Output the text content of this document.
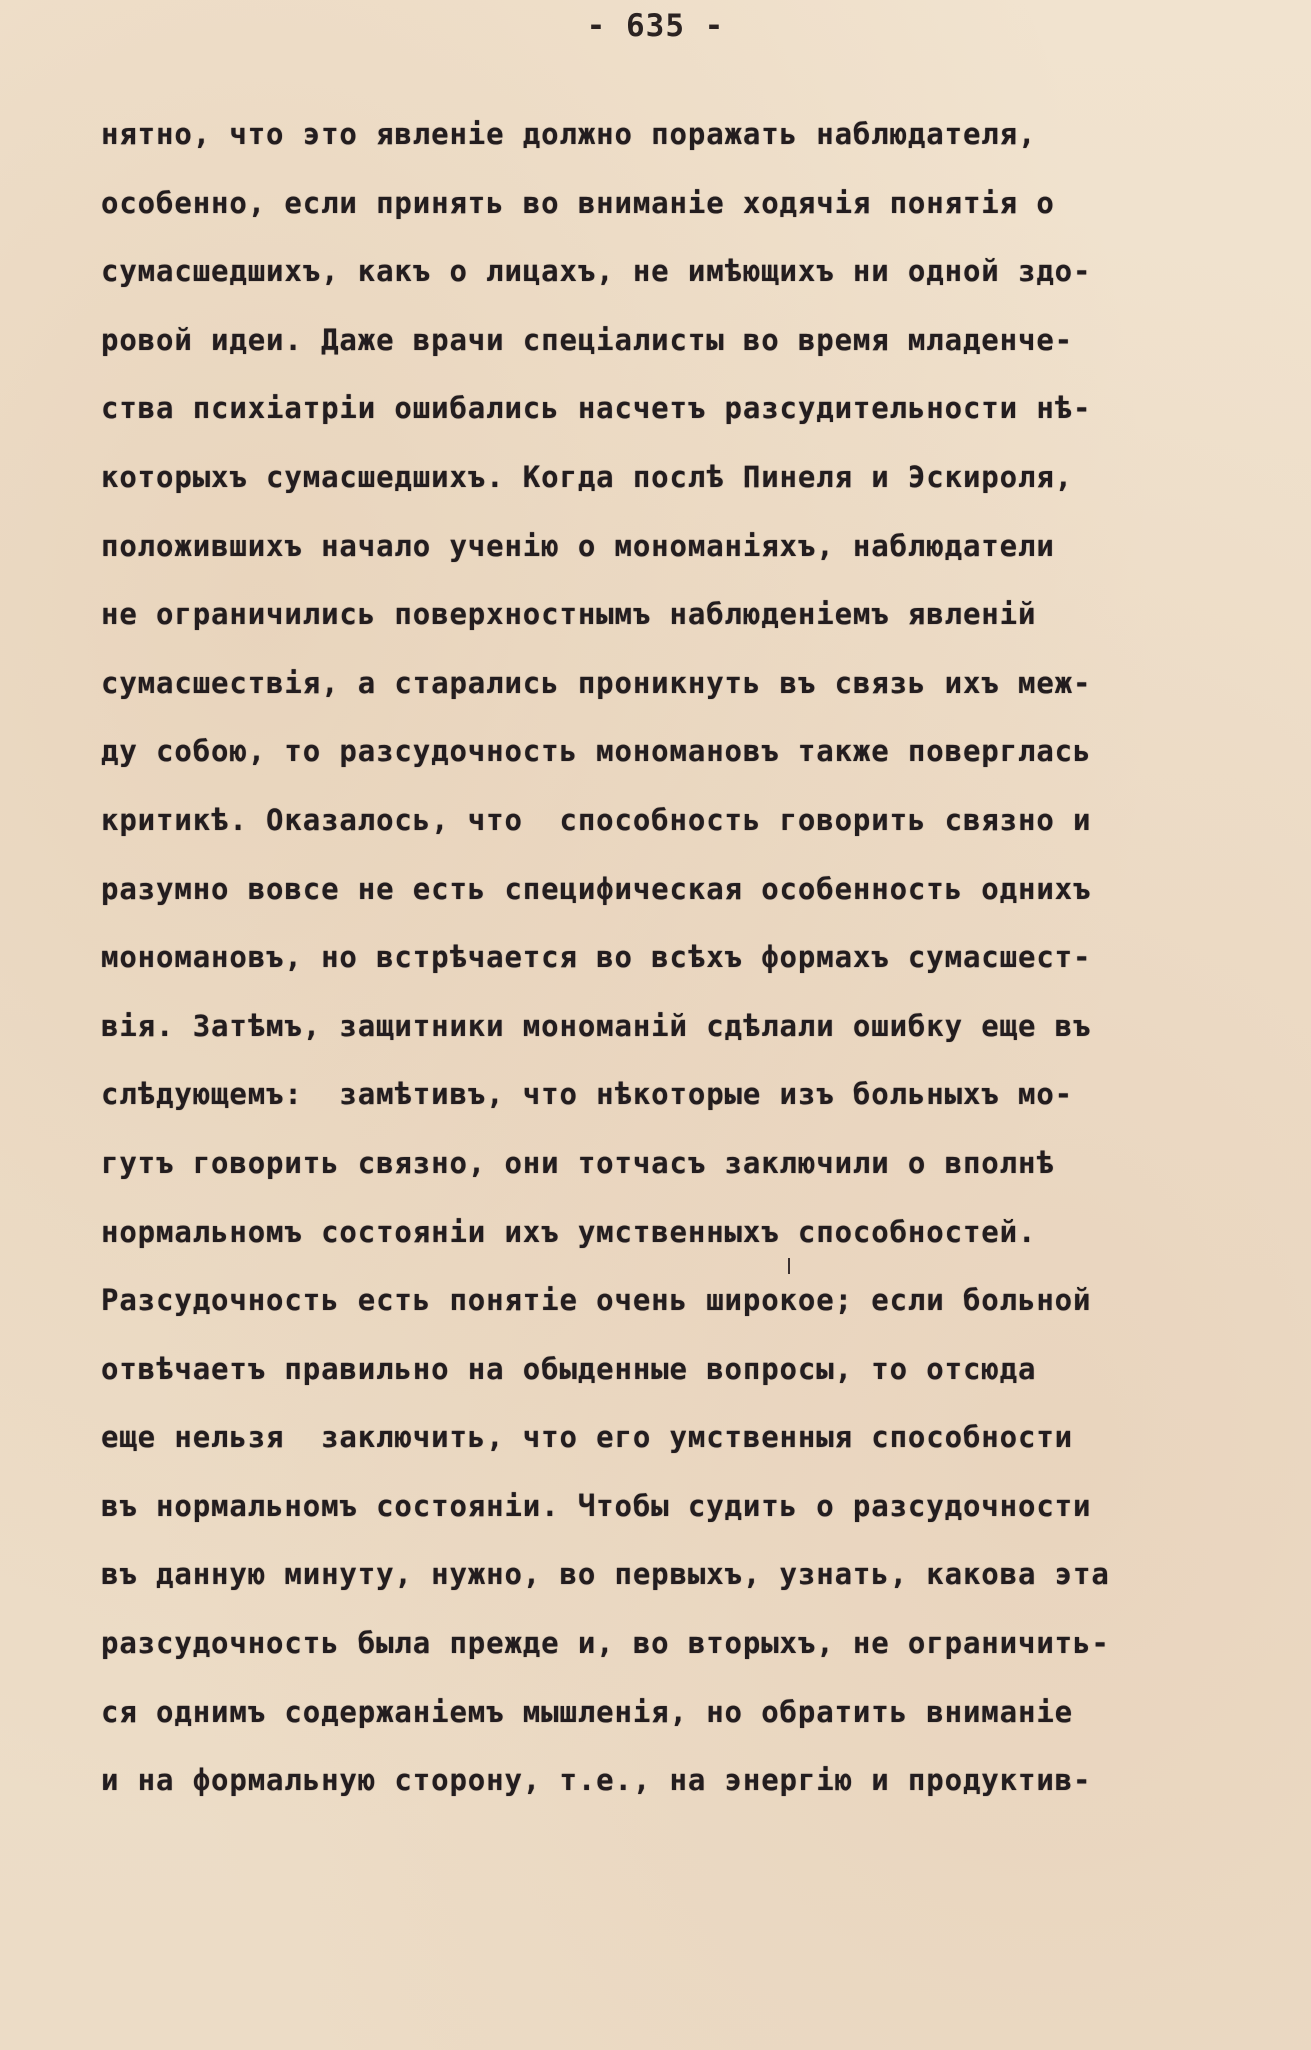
- 635 -
нятно, что это явленіе должно поражать наблюдателя,
особенно, если принять во вниманіе ходячія понятія о
сумасшедшихъ, какъ о лицахъ, не имѣющихъ ни одной здо-
ровой идеи. Даже врачи спеціалисты во время младенче-
ства психіатріи ошибались насчетъ разсудительности нѣ-
которыхъ сумасшедшихъ. Когда послѣ Пинеля и Эскироля,
положившихъ начало ученію о мономаніяхъ, наблюдатели
не ограничились поверхностнымъ наблюденіемъ явленій
сумасшествія, а старались проникнуть въ связь ихъ меж-
ду собою, то разсудочность мономановъ также поверглась
критикѣ. Оказалось, что  способность говорить связно и
разумно вовсе не есть специфическая особенность однихъ
мономановъ, но встрѣчается во всѣхъ формахъ сумасшест-
вія. Затѣмъ, защитники мономаній сдѣлали ошибку еще въ
слѣдующемъ:  замѣтивъ, что нѣкоторые изъ больныхъ мо-
гутъ говорить связно, они тотчасъ заключили о вполнѣ
нормальномъ состояніи ихъ умственныхъ способностей.
Разсудочность есть понятіе очень широкое; если больной
отвѣчаетъ правильно на обыденные вопросы, то отсюда
еще нельзя  заключить, что его умственныя способности
въ нормальномъ состояніи. Чтобы судить о разсудочности
въ данную минуту, нужно, во первыхъ, узнать, какова эта
разсудочность была прежде и, во вторыхъ, не ограничить-
ся однимъ содержаніемъ мышленія, но обратить вниманіе
и на формальную сторону, т.е., на энергію и продуктив-
